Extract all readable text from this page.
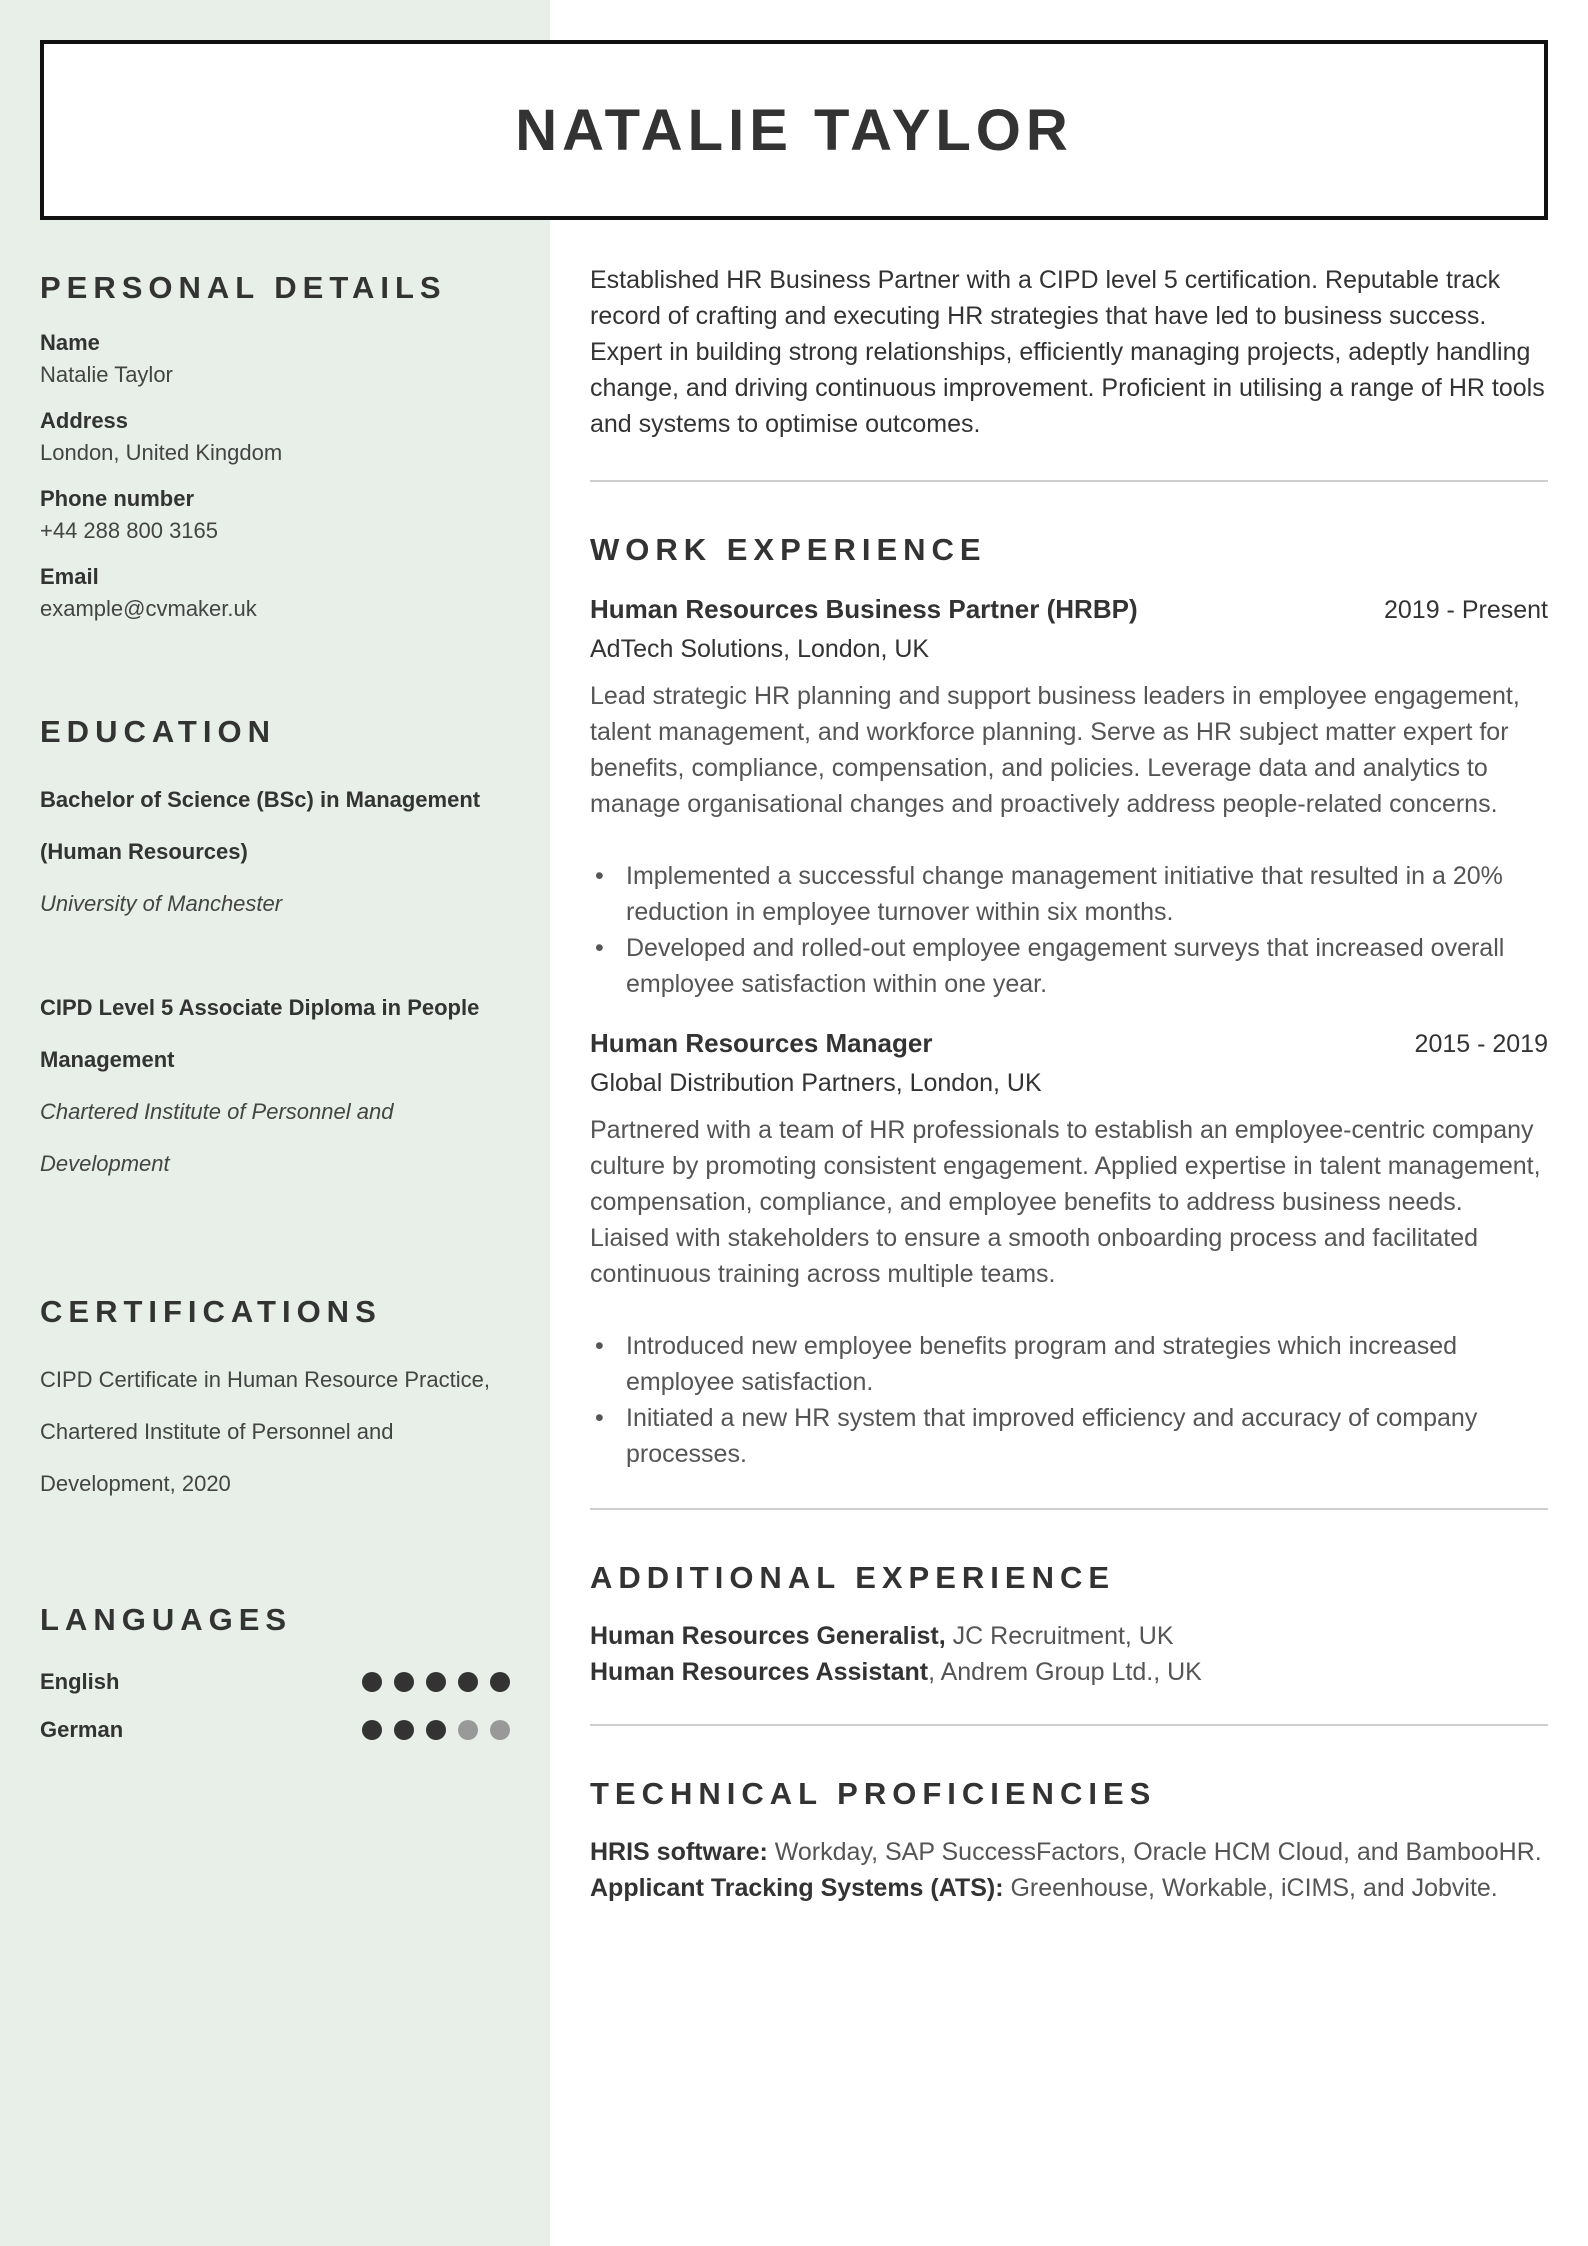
NATALIE TAYLOR
PERSONAL DETAILS
Name
Natalie Taylor
Address
London, United Kingdom
Phone number
+44 288 800 3165
Email
example@cvmaker.uk
EDUCATION
Bachelor of Science (BSc) in Management (Human Resources)
University of Manchester
CIPD Level 5 Associate Diploma in People Management
Chartered Institute of Personnel and Development
CERTIFICATIONS
CIPD Certificate in Human Resource Practice, Chartered Institute of Personnel and Development, 2020
LANGUAGES
English
German

Established HR Business Partner with a CIPD level 5 certification. Reputable track record of crafting and executing HR strategies that have led to business success. Expert in building strong relationships, efficiently managing projects, adeptly handling change, and driving continuous improvement. Proficient in utilising a range of HR tools and systems to optimise outcomes.

WORK EXPERIENCE
Human Resources Business Partner (HRBP)	2019 - Present
AdTech Solutions, London, UK

Lead strategic HR planning and support business leaders in employee engagement, talent management, and workforce planning. Serve as HR subject matter expert for benefits, compliance, compensation, and policies. Leverage data and analytics to manage organisational changes and proactively address people-related concerns.

• Implemented a successful change management initiative that resulted in a 20% reduction in employee turnover within six months.
• Developed and rolled-out employee engagement surveys that increased overall employee satisfaction within one year.
Human Resources Manager	2015 - 2019
Global Distribution Partners, London, UK

Partnered with a team of HR professionals to establish an employee-centric company culture by promoting consistent engagement. Applied expertise in talent management, compensation, compliance, and employee benefits to address business needs. Liaised with stakeholders to ensure a smooth onboarding process and facilitated continuous training across multiple teams.

• Introduced new employee benefits program and strategies which increased employee satisfaction.
• Initiated a new HR system that improved efficiency and accuracy of company processes.
ADDITIONAL EXPERIENCE
Human Resources Generalist, JC Recruitment, UK
Human Resources Assistant, Andrem Group Ltd., UK
TECHNICAL PROFICIENCIES
HRIS software: Workday, SAP SuccessFactors, Oracle HCM Cloud, and BambooHR.
Applicant Tracking Systems (ATS): Greenhouse, Workable, iCIMS, and Jobvite.
